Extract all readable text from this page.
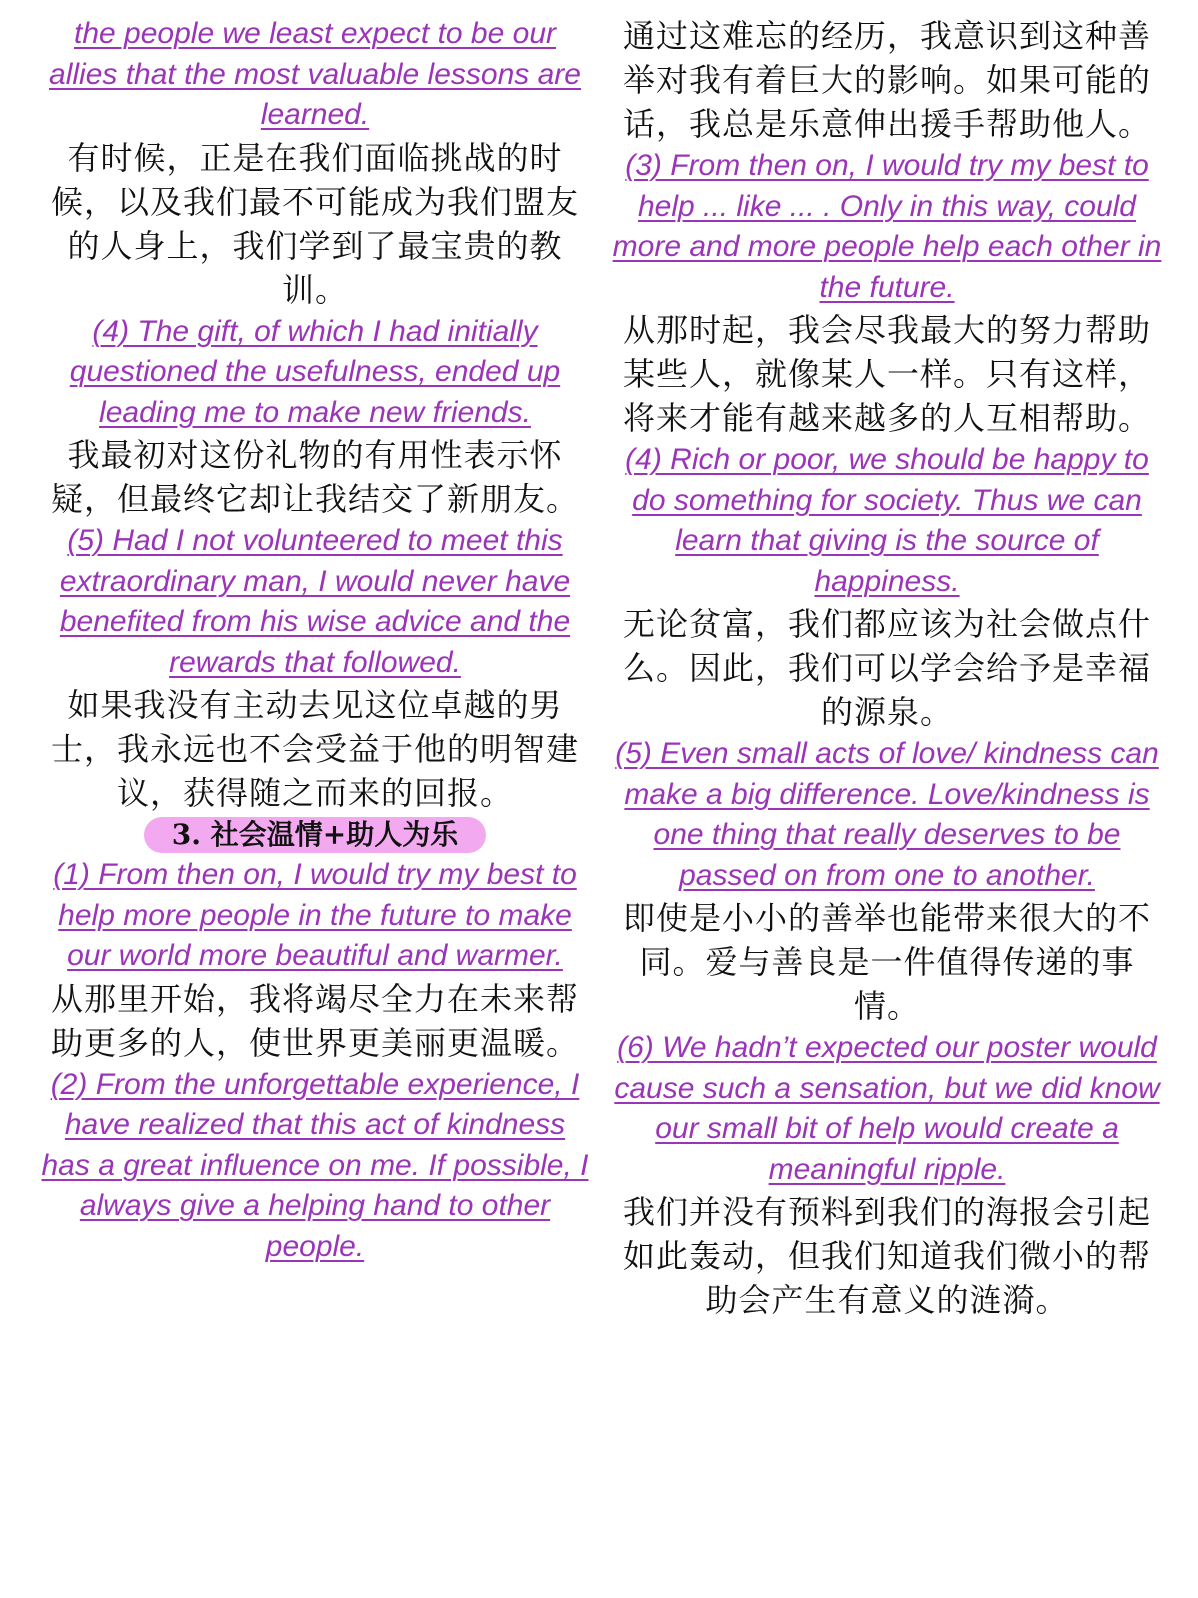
the people we least expect to be our allies that the most valuable lessons are learned.

有时候，正是在我们面临挑战的时候，以及我们最不可能成为我们盟友的人身上，我们学到了最宝贵的教训。

(4) The gift, of which I had initially questioned the usefulness, ended up leading me to make new friends.

我最初对这份礼物的有用性表示怀疑，但最终它却让我结交了新朋友。

(5) Had I not volunteered to meet this extraordinary man, I would never have benefited from his wise advice and the rewards that followed.

如果我没有主动去见这位卓越的男士，我永远也不会受益于他的明智建议，获得随之而来的回报。

3. 社会温情+助人为乐

(1) From then on, I would try my best to help more people in the future to make our world more beautiful and warmer.

从那里开始，我将竭尽全力在未来帮助更多的人，使世界更美丽更温暖。

(2) From the unforgettable experience, I have realized that this act of kindness has a great influence on me. If possible, I always give a helping hand to other people.

通过这难忘的经历，我意识到这种善举对我有着巨大的影响。如果可能的话，我总是乐意伸出援手帮助他人。

(3) From then on, I would try my best to help ... like ... . Only in this way, could more and more people help each other in the future.

从那时起，我会尽我最大的努力帮助某些人，就像某人一样。只有这样，将来才能有越来越多的人互相帮助。

(4) Rich or poor, we should be happy to do something for society. Thus we can learn that giving is the source of happiness.

无论贫富，我们都应该为社会做点什么。因此，我们可以学会给予是幸福的源泉。

(5) Even small acts of love/ kindness can make a big difference. Love/kindness is one thing that really deserves to be passed on from one to another.

即使是小小的善举也能带来很大的不同。爱与善良是一件值得传递的事情。

(6) We hadn’t expected our poster would cause such a sensation, but we did know our small bit of help would create a meaningful ripple.

我们并没有预料到我们的海报会引起如此轰动，但我们知道我们微小的帮助会产生有意义的涟漪。
